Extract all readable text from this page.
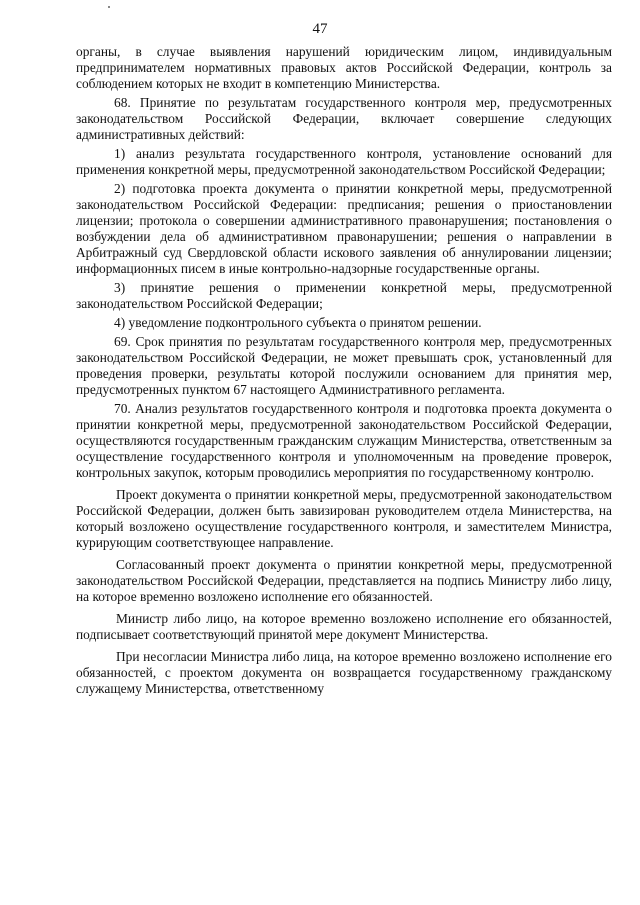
47

органы, в случае выявления нарушений юридическим лицом, индивидуальным предпринимателем нормативных правовых актов Российской Федерации, контроль за соблюдением которых не входит в компетенцию Министерства.

68. Принятие по результатам государственного контроля мер, предусмотренных законодательством Российской Федерации, включает совершение следующих административных действий:

1) анализ результата государственного контроля, установление оснований для применения конкретной меры, предусмотренной законодательством Российской Федерации;

2) подготовка проекта документа о принятии конкретной меры, предусмотренной законодательством Российской Федерации: предписания; решения о приостановлении лицензии; протокола о совершении административного правонарушения; постановления о возбуждении дела об административном правонарушении; решения о направлении в Арбитражный суд Свердловской области искового заявления об аннулировании лицензии; информационных писем в иные контрольно-надзорные государственные органы.

3) принятие решения о применении конкретной меры, предусмотренной законодательством Российской Федерации;

4) уведомление подконтрольного субъекта о принятом решении.

69. Срок принятия по результатам государственного контроля мер, предусмотренных законодательством Российской Федерации, не может превышать срок, установленный для проведения проверки, результаты которой послужили основанием для принятия мер, предусмотренных пунктом 67 настоящего Административного регламента.

70. Анализ результатов государственного контроля и подготовка проекта документа о принятии конкретной меры, предусмотренной законодательством Российской Федерации, осуществляются государственным гражданским служащим Министерства, ответственным за осуществление государственного контроля и уполномоченным на проведение проверок, контрольных закупок, которым проводились мероприятия по государственному контролю.

Проект документа о принятии конкретной меры, предусмотренной законодательством Российской Федерации, должен быть завизирован руководителем отдела Министерства, на который возложено осуществление государственного контроля, и заместителем Министра, курирующим соответствующее направление.

Согласованный проект документа о принятии конкретной меры, предусмотренной законодательством Российской Федерации, представляется на подпись Министру либо лицу, на которое временно возложено исполнение его обязанностей.

Министр либо лицо, на которое временно возложено исполнение его обязанностей, подписывает соответствующий принятой мере документ Министерства.

При несогласии Министра либо лица, на которое временно возложено исполнение его обязанностей, с проектом документа он возвращается государственному гражданскому служащему Министерства, ответственному
